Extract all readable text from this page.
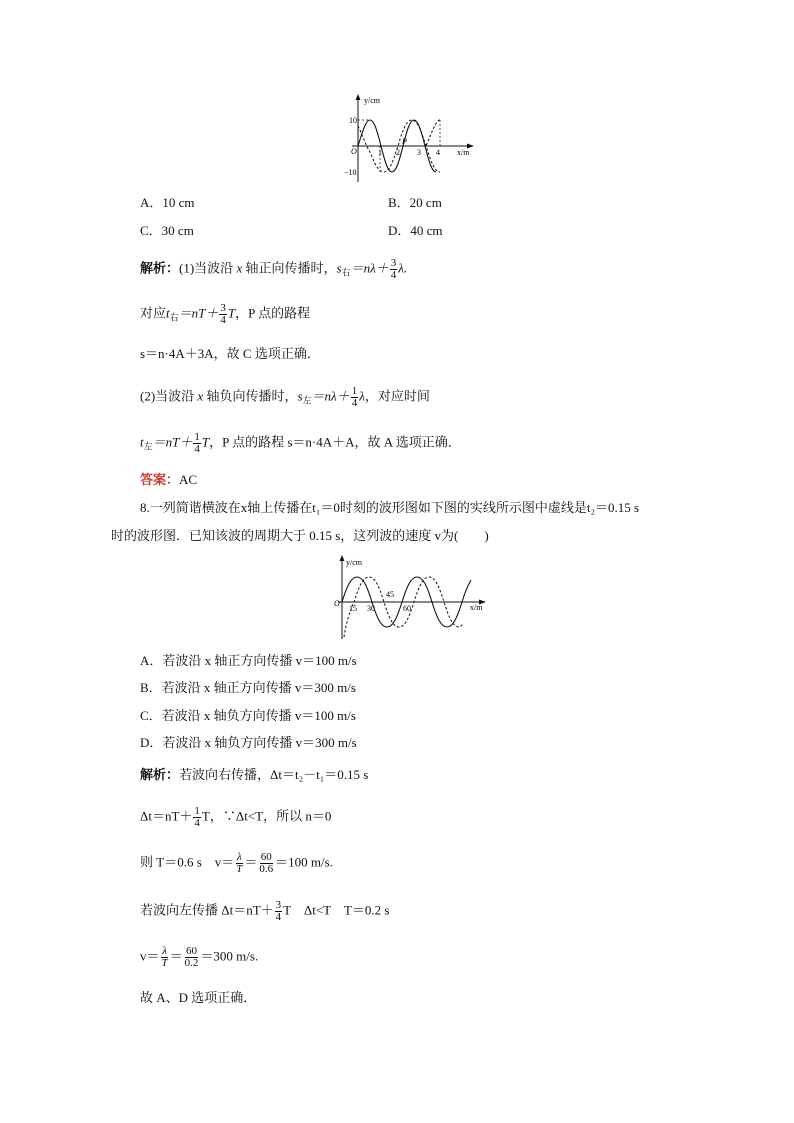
y/cm
x/m
10
−10
O	1 2 3 4
P
A．10 cm	B．20 cm
C．30 cm	D．40 cm
解析：(1)当波沿 x 轴正向传播时，$s_右=n\lambda+ \frac{3}{4} \lambda$.
对应$t_右=nT+ \frac{3}{4}$ T，P 点的路程
s＝n·4A＋3A，故 C 选项正确．
(2)当波沿 x 轴负向传播时，$s_左=n\lambda+ \frac{1}{4}$ λ，对应时间
$t_左=nT+ \frac{1}{4}$ T，P 点的路程 s＝n·4A＋A，故 A 选项正确．
答案：AC
8.一列简谐横波在x轴上传播在t₁＝0时刻的波形图如下图的实线所示图中虚线是t₂＝0.15 s
时的波形图．已知该波的周期大于 0.15 s，这列波的速度 v为(　　)
y/cm
x/m
O
15 30
45
60
A．若波沿 x 轴正方向传播 v＝100 m/s
B．若波沿 x 轴正方向传播 v＝300 m/s
C．若波沿 x 轴负方向传播 v＝100 m/s
D．若波沿 x 轴负方向传播 v＝300 m/s
解析：若波向右传播，Δt＝t₂－t₁＝0.15 s
$\Delta t=nT+ \frac{1}{4}$ T，∵Δt<T，所以 n＝0
则 T＝0.6 s　$v= \frac{\lambda}{T} = \frac{60}{0.6} =100$ m/s.
若波向左传播 $\Delta t=nT+ \frac{3}{4}$ T　Δt<T　T＝0.2 s
$v= \frac{\lambda}{T} = \frac{60}{0.2} =300$ m/s.
故 A、D 选项正确．
